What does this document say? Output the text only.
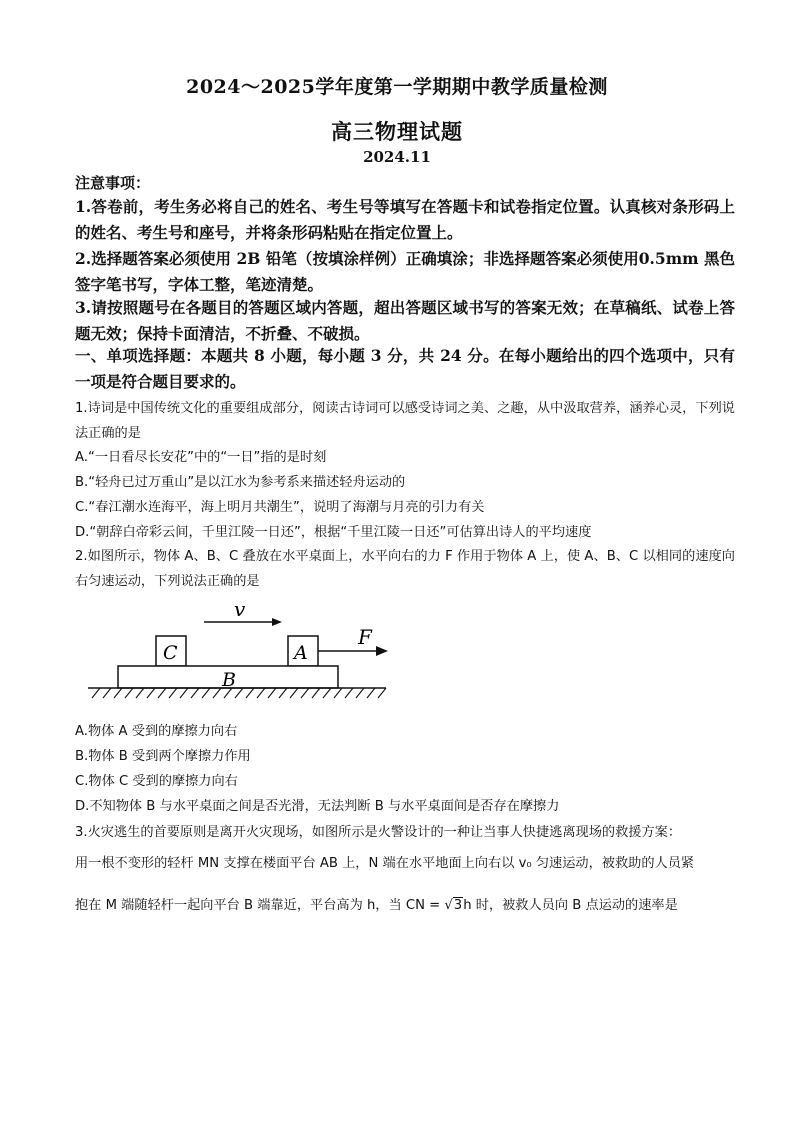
2024～2025学年度第一学期期中教学质量检测
高三物理试题
2024.11
注意事项：
1.答卷前，考生务必将自己的姓名、考生号等填写在答题卡和试卷指定位置。认真核对条形码上的姓名、考生号和座号，并将条形码粘贴在指定位置上。
2.选择题答案必须使用 2B 铅笔（按填涂样例）正确填涂；非选择题答案必须使用0.5mm 黑色签字笔书写，字体工整，笔迹清楚。
3.请按照题号在各题目的答题区域内答题，超出答题区域书写的答案无效；在草稿纸、试卷上答题无效；保持卡面清洁，不折叠、不破损。
一、单项选择题：本题共 8 小题，每小题 3 分，共 24 分。在每小题给出的四个选项中，只有一项是符合题目要求的。
1.诗词是中国传统文化的重要组成部分，阅读古诗词可以感受诗词之美、之趣，从中汲取营养，涵养心灵，下列说法正确的是
A.“一日看尽长安花”中的“一日”指的是时刻
B.“轻舟已过万重山”是以江水为参考系来描述轻舟运动的
C.“春江潮水连海平，海上明月共潮生”，说明了海潮与月亮的引力有关
D.“朝辞白帝彩云间，千里江陵一日还”，根据“千里江陵一日还”可估算出诗人的平均速度
2.如图所示，物体 A、B、C 叠放在水平桌面上，水平向右的力 F 作用于物体 A 上，使 A、B、C 以相同的速度向右匀速运动，下列说法正确的是
v
C	A
F
B
A.物体 A 受到的摩擦力向右
B.物体 B 受到两个摩擦力作用
C.物体 C 受到的摩擦力向右
D.不知物体 B 与水平桌面之间是否光滑，无法判断 B 与水平桌面间是否存在摩擦力
3.火灾逃生的首要原则是离开火灾现场，如图所示是火警设计的一种让当事人快捷逃离现场的救援方案：
用一根不变形的轻杆 MN 支撑在楼面平台 AB 上，N 端在水平地面上向右以 v₀ 匀速运动，被救助的人员紧
抱在 M 端随轻杆一起向平台 B 端靠近，平台高为 h，当 CN = √3h 时，被救人员向 B 点运动的速率是
